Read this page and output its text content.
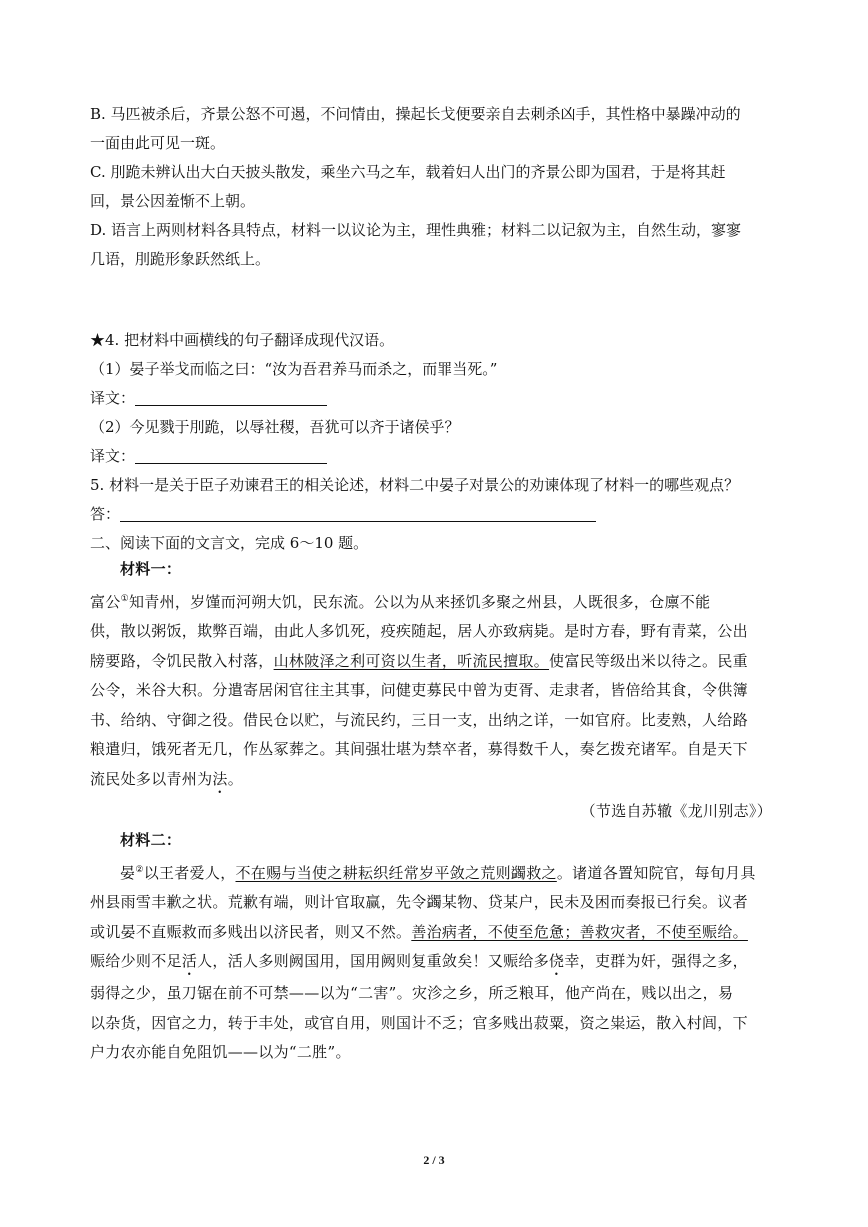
B. 马匹被杀后，齐景公怒不可遏，不问情由，操起长戈便要亲自去刺杀凶手，其性格中暴躁冲动的
一面由此可见一斑。
C. 刖跪未辨认出大白天披头散发，乘坐六马之车，载着妇人出门的齐景公即为国君，于是将其赶
回，景公因羞惭不上朝。
D. 语言上两则材料各具特点，材料一以议论为主，理性典雅；材料二以记叙为主，自然生动，寥寥
几语，刖跪形象跃然纸上。
★4. 把材料中画横线的句子翻译成现代汉语。
（1）晏子举戈而临之曰：“汝为吾君养马而杀之，而罪当死。”
译文：
（2）今见戮于刖跪，以辱社稷，吾犹可以齐于诸侯乎？
译文：
5. 材料一是关于臣子劝谏君王的相关论述，材料二中晏子对景公的劝谏体现了材料一的哪些观点？
答：
二、阅读下面的文言文，完成 6～10 题。
材料一：
富公①知青州，岁馑而河朔大饥，民东流。公以为从来拯饥多聚之州县，人既很多，仓廪不能
供，散以粥饭，欺弊百端，由此人多饥死，疫疾随起，居人亦致病毙。是时方春，野有青菜，公出
牓要路，令饥民散入村落，山林陂泽之利可资以生者，听流民擅取。使富民等级出米以待之。民重
公令，米谷大积。分遣寄居闲官往主其事，问健吏募民中曾为吏胥、走隶者，皆倍给其食，令供簿
书、给纳、守御之役。借民仓以贮，与流民约，三日一支，出纳之详，一如官府。比麦熟，人给路
粮遣归，饿死者无几，作丛冢葬之。其间强壮堪为禁卒者，募得数千人，奏乞拨充诸军。自是天下
流民处多以青州为法。
（节选自苏辙《龙川别志》）
材料二：
晏②以王者爱人，不在赐与当使之耕耘织纴常岁平敛之荒则蠲救之。诸道各置知院官，每旬月具
州县雨雪丰歉之状。荒歉有端，则计官取赢，先令蠲某物、贷某户，民未及困而奏报已行矣。议者
或讥晏不直赈救而多贱出以济民者，则又不然。善治病者，不使至危惫；善救灾者，不使至赈给。
赈给少则不足活人，活人多则阙国用，国用阙则复重敛矣！又赈给多侥幸，吏群为奸，强得之多，
弱得之少，虽刀锯在前不可禁——以为“二害”。灾沴之乡，所乏粮耳，他产尚在，贱以出之，易
以杂货，因官之力，转于丰处，或官自用，则国计不乏；官多贱出菽粟，资之粜运，散入村闾，下
户力农亦能自免阻饥——以为“二胜”。
2 / 3
